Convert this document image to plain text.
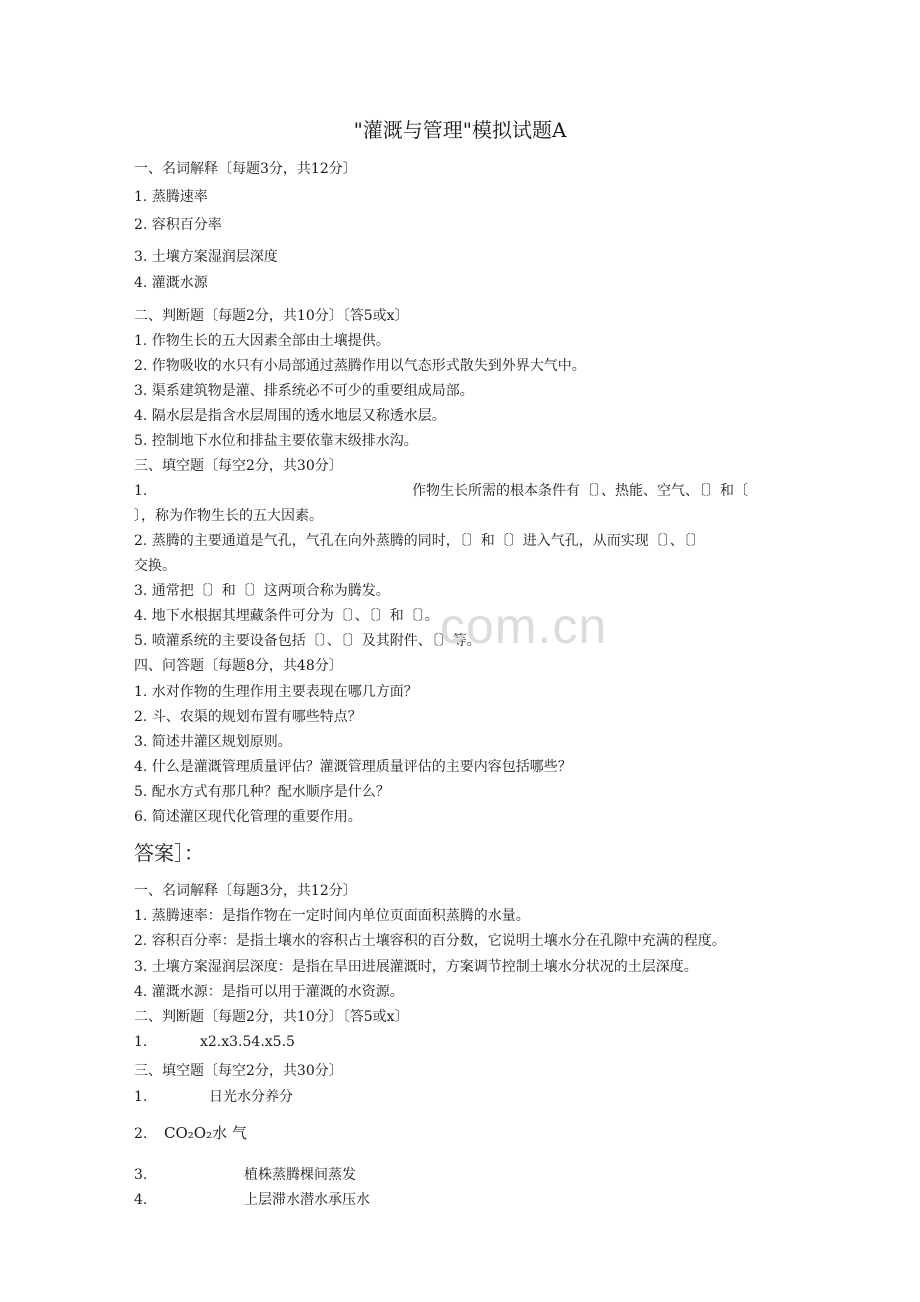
"灌溉与管理"模拟试题A
一、名词解释〔每题3分，共12分〕
1. 蒸腾速率
2. 容积百分率
3. 土壤方案湿润层深度
4. 灌溉水源
二、判断题〔每题2分，共10分〕〔答5或x〕
1. 作物生长的五大因素全部由土壤提供。
2. 作物吸收的水只有小局部通过蒸腾作用以气态形式散失到外界大气中。
3. 渠系建筑物是灌、排系统必不可少的重要组成局部。
4. 隔水层是指含水层周围的透水地层又称透水层。
5. 控制地下水位和排盐主要依靠末级排水沟。
三、填空题〔每空2分，共30分〕
1.	作物生长所需的根本条件有〔〕、热能、空气、〔〕和〔
〕，称为作物生长的五大因素。
2. 蒸腾的主要通道是气孔，气孔在向外蒸腾的同时，〔〕和〔〕进入气孔，从而实现〔〕、〔〕
交换。
3. 通常把〔〕和〔〕这两项合称为腾发。
4. 地下水根据其埋藏条件可分为〔〕、〔〕和〔〕。
5. 喷灌系统的主要设备包括〔〕、〔〕及其附件、〔〕等。
com.cn
四、问答题〔每题8分，共48分〕
1. 水对作物的生理作用主要表现在哪几方面？
2. 斗、农渠的规划布置有哪些特点？
3. 简述井灌区规划原则。
4. 什么是灌溉管理质量评估？灌溉管理质量评估的主要内容包括哪些？
5. 配水方式有那几种？配水顺序是什么？
6. 简述灌区现代化管理的重要作用。
答案］：
一、名词解释〔每题3分，共12分〕
1. 蒸腾速率：是指作物在一定时间内单位页面面积蒸腾的水量。
2. 容积百分率：是指土壤水的容积占土壤容积的百分数，它说明土壤水分在孔隙中充满的程度。
3. 土壤方案湿润层深度：是指在旱田进展灌溉时，方案调节控制土壤水分状况的土层深度。
4. 灌溉水源：是指可以用于灌溉的水资源。
二、判断题〔每题2分，共10分〕〔答5或x〕
1.	x2.x3.54.x5.5
三、填空题〔每空2分，共30分〕
1.	日光水分养分
2. CO₂O₂水 气
3.	植株蒸腾棵间蒸发
4.	上层滞水潜水承压水
